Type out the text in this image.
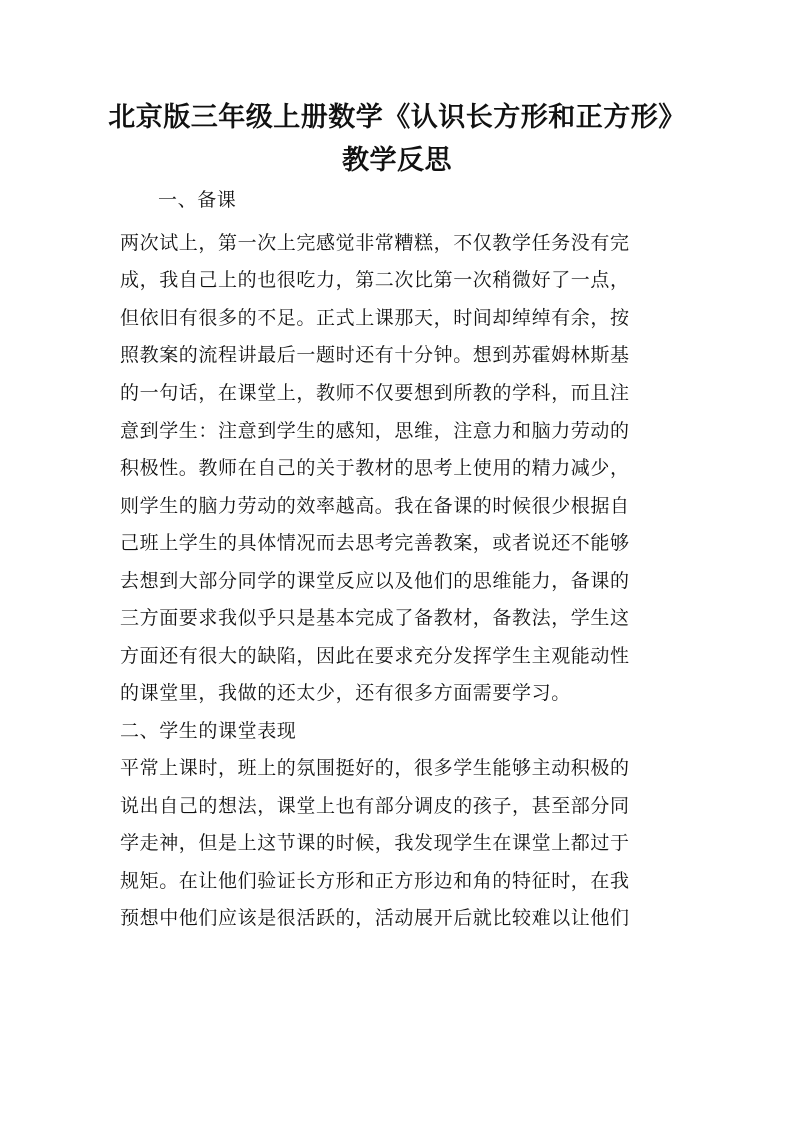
北京版三年级上册数学《认识长方形和正方形》
教学反思
一、备课
两次试上，第一次上完感觉非常糟糕，不仅教学任务没有完
成，我自己上的也很吃力，第二次比第一次稍微好了一点，
但依旧有很多的不足。正式上课那天，时间却绰绰有余，按
照教案的流程讲最后一题时还有十分钟。想到苏霍姆林斯基
的一句话，在课堂上，教师不仅要想到所教的学科，而且注
意到学生：注意到学生的感知，思维，注意力和脑力劳动的
积极性。教师在自己的关于教材的思考上使用的精力减少，
则学生的脑力劳动的效率越高。我在备课的时候很少根据自
己班上学生的具体情况而去思考完善教案，或者说还不能够
去想到大部分同学的课堂反应以及他们的思维能力，备课的
三方面要求我似乎只是基本完成了备教材，备教法，学生这
方面还有很大的缺陷，因此在要求充分发挥学生主观能动性
的课堂里，我做的还太少，还有很多方面需要学习。
二、学生的课堂表现
平常上课时，班上的氛围挺好的，很多学生能够主动积极的
说出自己的想法，课堂上也有部分调皮的孩子，甚至部分同
学走神，但是上这节课的时候，我发现学生在课堂上都过于
规矩。在让他们验证长方形和正方形边和角的特征时，在我
预想中他们应该是很活跃的，活动展开后就比较难以让他们
